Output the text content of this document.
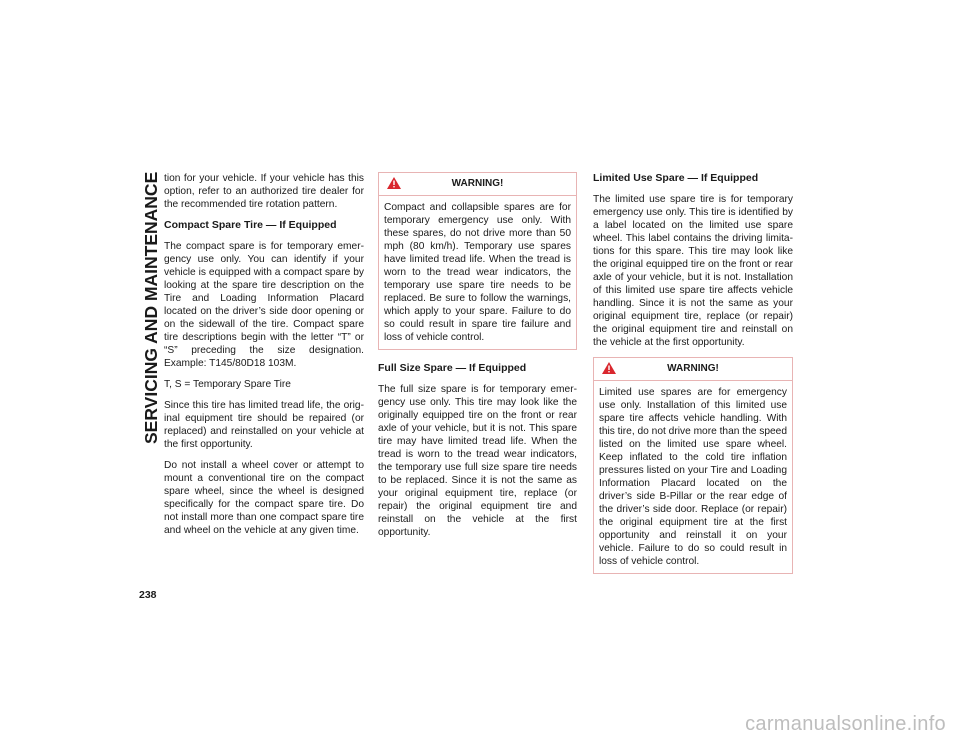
SERVICING AND MAINTENANCE
238

tion for your vehicle. If your vehicle has this option, refer to an authorized tire dealer for the recommended tire rotation pattern.

Compact Spare Tire — If Equipped

The compact spare is for temporary emer-gency use only. You can identify if your vehicle is equipped with a compact spare by looking at the spare tire description on the Tire and Loading Information Placard located on the driver’s side door opening or on the sidewall of the tire. Compact spare tire descriptions begin with the letter “T” or “S” preceding the size designation. Example: T145/80D18 103M.

T, S = Temporary Spare Tire

Since this tire has limited tread life, the orig-inal equipment tire should be repaired (or replaced) and reinstalled on your vehicle at the first opportunity.

Do not install a wheel cover or attempt to mount a conventional tire on the compact spare wheel, since the wheel is designed specifically for the compact spare tire. Do not install more than one compact spare tire and wheel on the vehicle at any given time.

WARNING!
Compact and collapsible spares are for temporary emergency use only. With these spares, do not drive more than 50 mph (80 km/h). Temporary use spares have limited tread life. When the tread is worn to the tread wear indicators, the temporary use spare tire needs to be replaced. Be sure to follow the warnings, which apply to your spare. Failure to do so could result in spare tire failure and loss of vehicle control.
Full Size Spare — If Equipped

The full size spare is for temporary emer-gency use only. This tire may look like the originally equipped tire on the front or rear axle of your vehicle, but it is not. This spare tire may have limited tread life. When the tread is worn to the tread wear indicators, the temporary use full size spare tire needs to be replaced. Since it is not the same as your original equipment tire, replace (or repair) the original equipment tire and reinstall on the vehicle at the first opportunity.

Limited Use Spare — If Equipped

The limited use spare tire is for temporary emergency use only. This tire is identified by a label located on the limited use spare wheel. This label contains the driving limita-tions for this spare. This tire may look like the original equipped tire on the front or rear axle of your vehicle, but it is not. Installation of this limited use spare tire affects vehicle handling. Since it is not the same as your original equipment tire, replace (or repair) the original equipment tire and reinstall on the vehicle at the first opportunity.

WARNING!
Limited use spares are for emergency use only. Installation of this limited use spare tire affects vehicle handling. With this tire, do not drive more than the speed listed on the limited use spare wheel. Keep inflated to the cold tire inflation pressures listed on your Tire and Loading Information Placard located on the driver’s side B-Pillar or the rear edge of the driver’s side door. Replace (or repair) the original equipment tire at the first opportunity and reinstall it on your vehicle. Failure to do so could result in loss of vehicle control.
carmanualsonline.info
